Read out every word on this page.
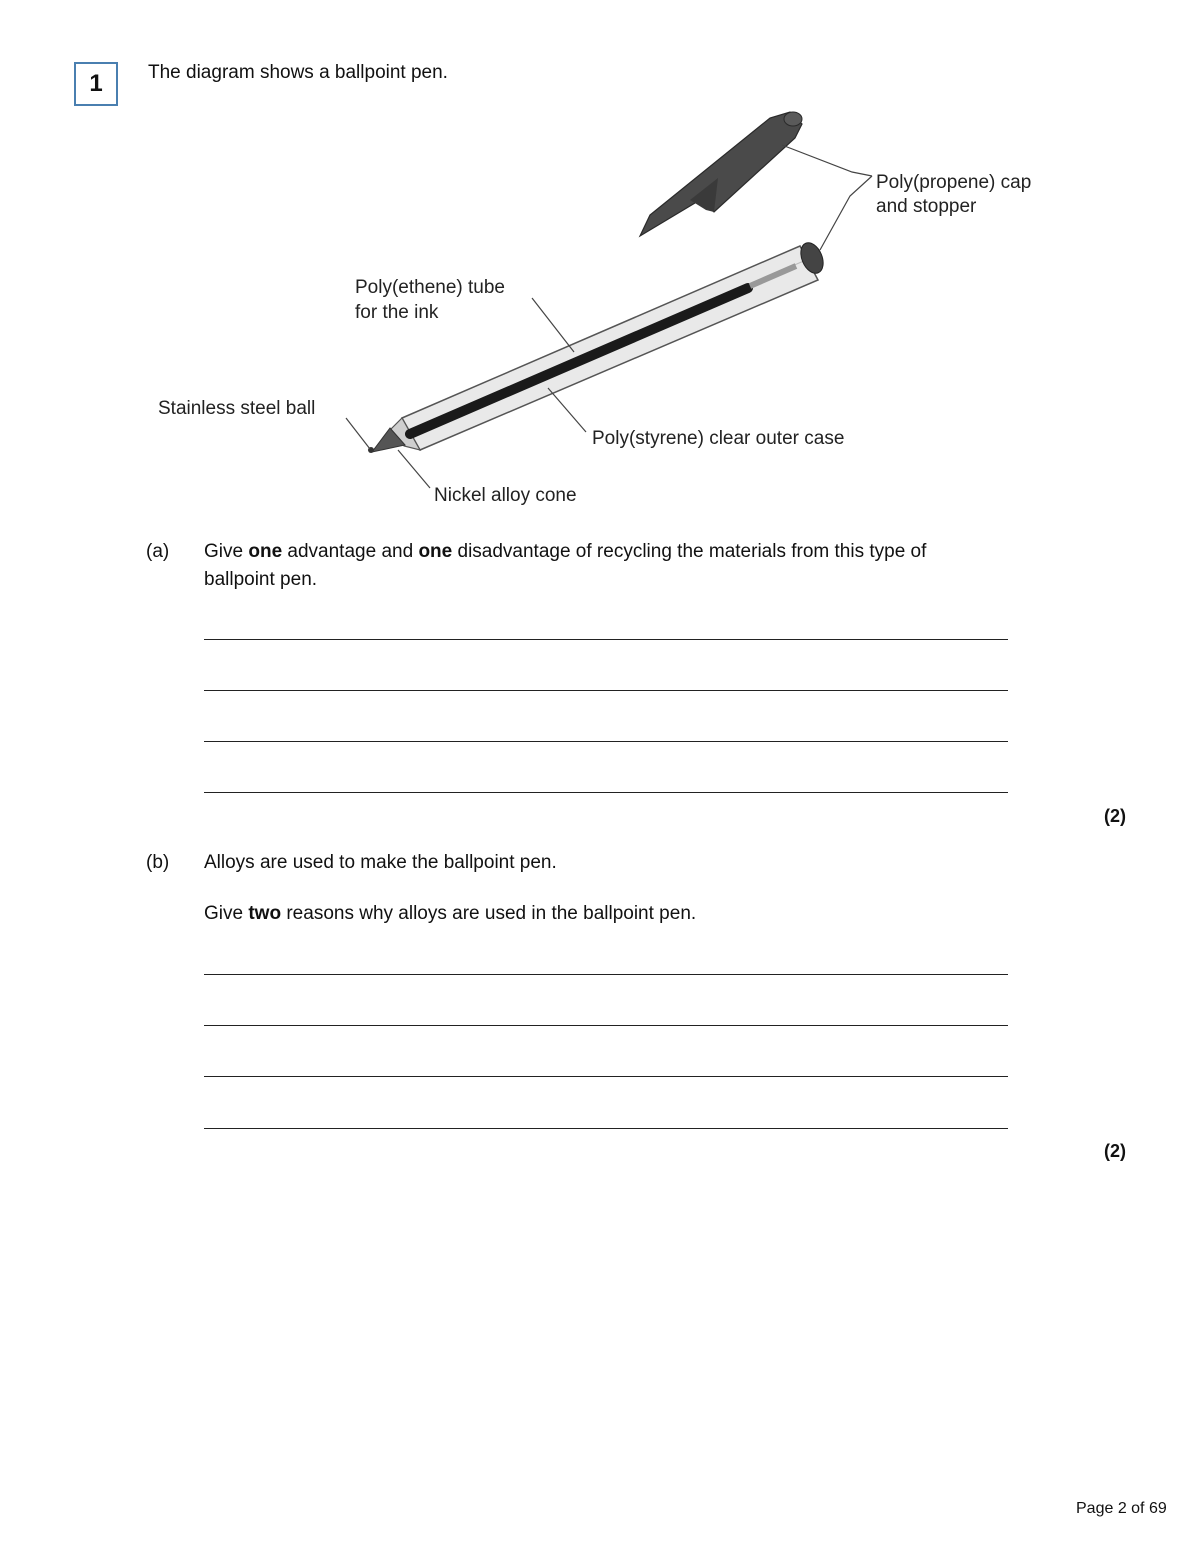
1 The diagram shows a ballpoint pen.
Poly(propene) cap
and stopper
Poly(ethene) tube
for the ink
Stainless steel ball
Poly(styrene) clear outer case
Nickel alloy cone
(a) Give one advantage and one disadvantage of recycling the materials from this type of
ballpoint pen.
(2)
(b) Alloys are used to make the ballpoint pen.
Give two reasons why alloys are used in the ballpoint pen.
(2)
Page 2 of 69
